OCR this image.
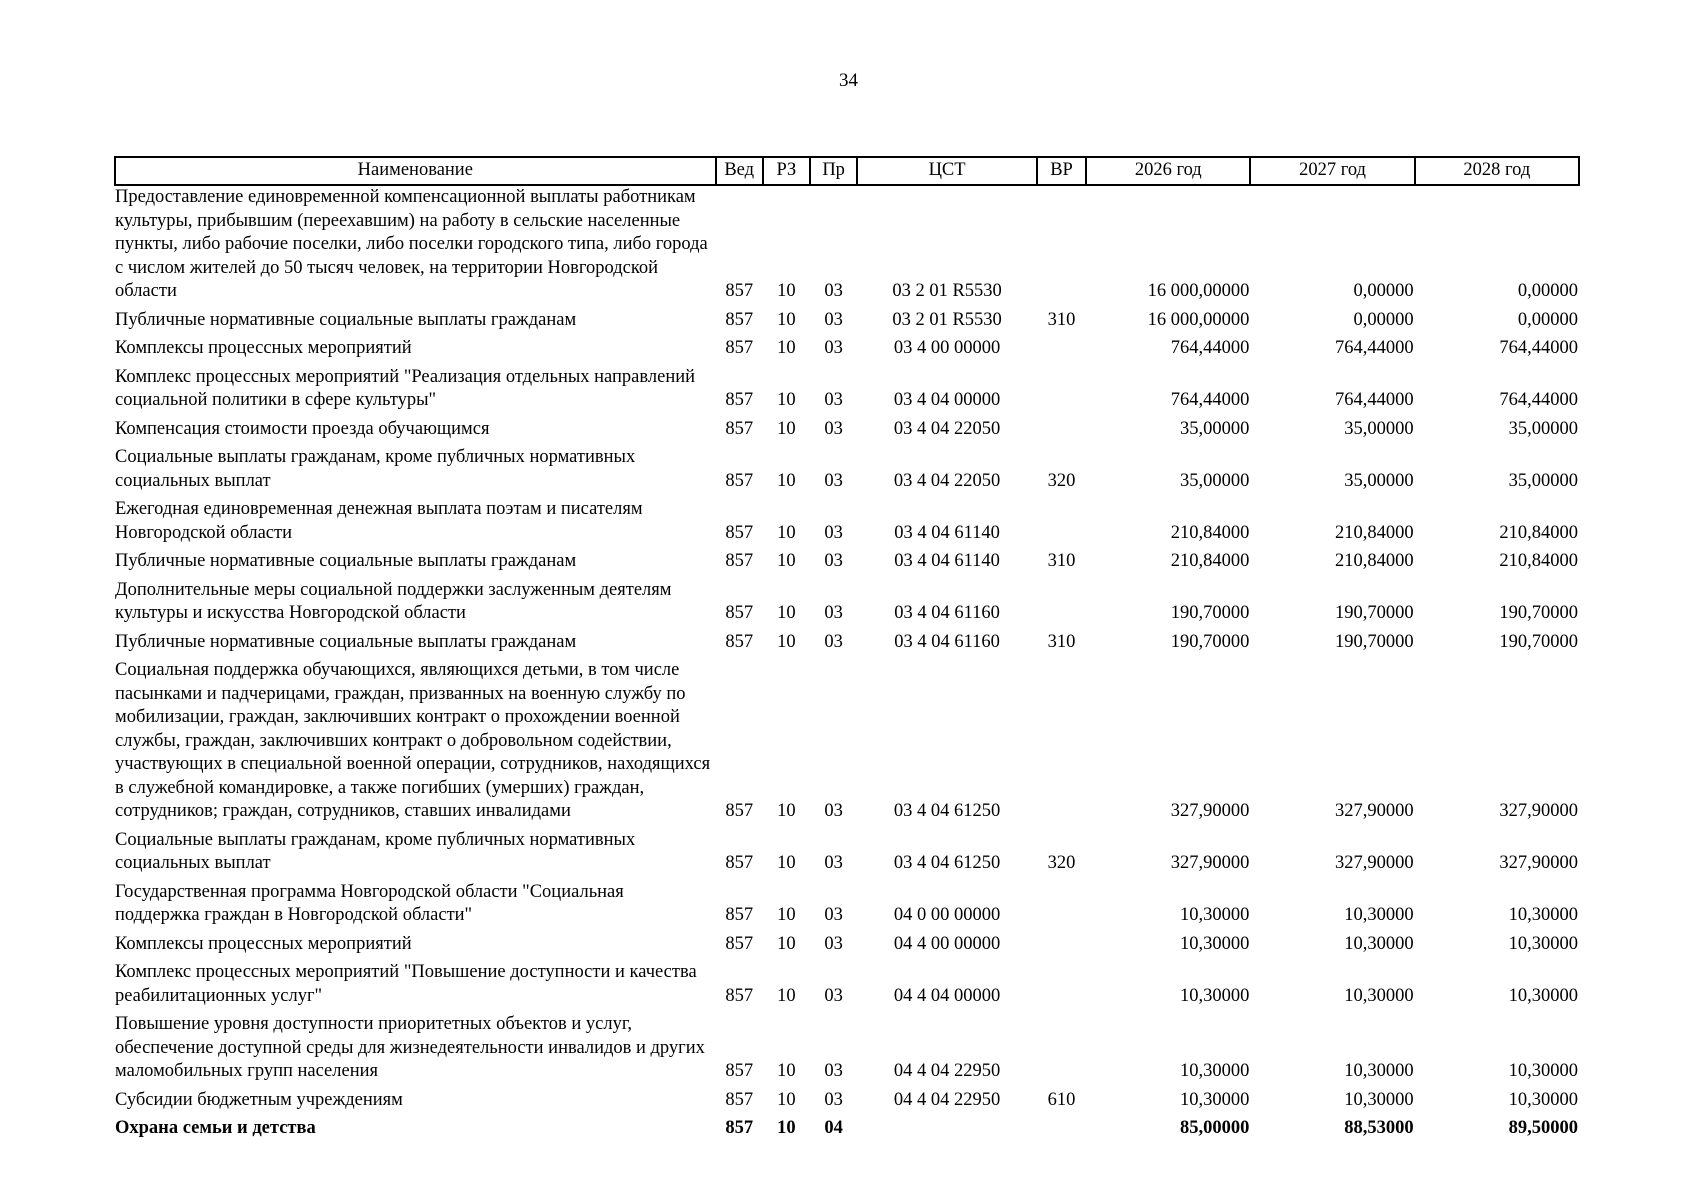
34
Наименование	Вед	РЗ	Пр	ЦСТ	ВР	2026 год	2027 год	2028 год
Предоставление единовременной компенсационной выплаты работникам культуры, прибывшим (переехавшим) на работу в сельские населенные пункты, либо рабочие поселки, либо поселки городского типа, либо города с числом жителей до 50 тысяч человек, на территории Новгородской области	857	10	03	03 2 01 R5530		16 000,00000	0,00000	0,00000
Публичные нормативные социальные выплаты гражданам	857	10	03	03 2 01 R5530	310	16 000,00000	0,00000	0,00000
Комплексы процессных мероприятий	857	10	03	03 4 00 00000		764,44000	764,44000	764,44000
Комплекс процессных мероприятий "Реализация отдельных направлений социальной политики в сфере культуры"	857	10	03	03 4 04 00000		764,44000	764,44000	764,44000
Компенсация стоимости проезда обучающимся	857	10	03	03 4 04 22050		35,00000	35,00000	35,00000
Социальные выплаты гражданам, кроме публичных нормативных социальных выплат	857	10	03	03 4 04 22050	320	35,00000	35,00000	35,00000
Ежегодная единовременная денежная выплата поэтам и писателям Новгородской области	857	10	03	03 4 04 61140		210,84000	210,84000	210,84000
Публичные нормативные социальные выплаты гражданам	857	10	03	03 4 04 61140	310	210,84000	210,84000	210,84000
Дополнительные меры социальной поддержки заслуженным деятелям культуры и искусства Новгородской области	857	10	03	03 4 04 61160		190,70000	190,70000	190,70000
Публичные нормативные социальные выплаты гражданам	857	10	03	03 4 04 61160	310	190,70000	190,70000	190,70000
Социальная поддержка обучающихся, являющихся детьми, в том числе пасынками и падчерицами, граждан, призванных на военную службу по мобилизации, граждан, заключивших контракт о прохождении военной службы, граждан, заключивших контракт о добровольном содействии, участвующих в специальной военной операции, сотрудников, находящихся в служебной командировке, а также погибших (умерших) граждан, сотрудников; граждан, сотрудников, ставших инвалидами	857	10	03	03 4 04 61250		327,90000	327,90000	327,90000
Социальные выплаты гражданам, кроме публичных нормативных социальных выплат	857	10	03	03 4 04 61250	320	327,90000	327,90000	327,90000
Государственная программа Новгородской области "Социальная поддержка граждан в Новгородской области"	857	10	03	04 0 00 00000		10,30000	10,30000	10,30000
Комплексы процессных мероприятий	857	10	03	04 4 00 00000		10,30000	10,30000	10,30000
Комплекс процессных мероприятий "Повышение доступности и качества реабилитационных услуг"	857	10	03	04 4 04 00000		10,30000	10,30000	10,30000
Повышение уровня доступности приоритетных объектов и услуг, обеспечение доступной среды для жизнедеятельности инвалидов и других маломобильных групп населения	857	10	03	04 4 04 22950		10,30000	10,30000	10,30000
Субсидии бюджетным учреждениям	857	10	03	04 4 04 22950	610	10,30000	10,30000	10,30000
Охрана семьи и детства	857	10	04			85,00000	88,53000	89,50000
